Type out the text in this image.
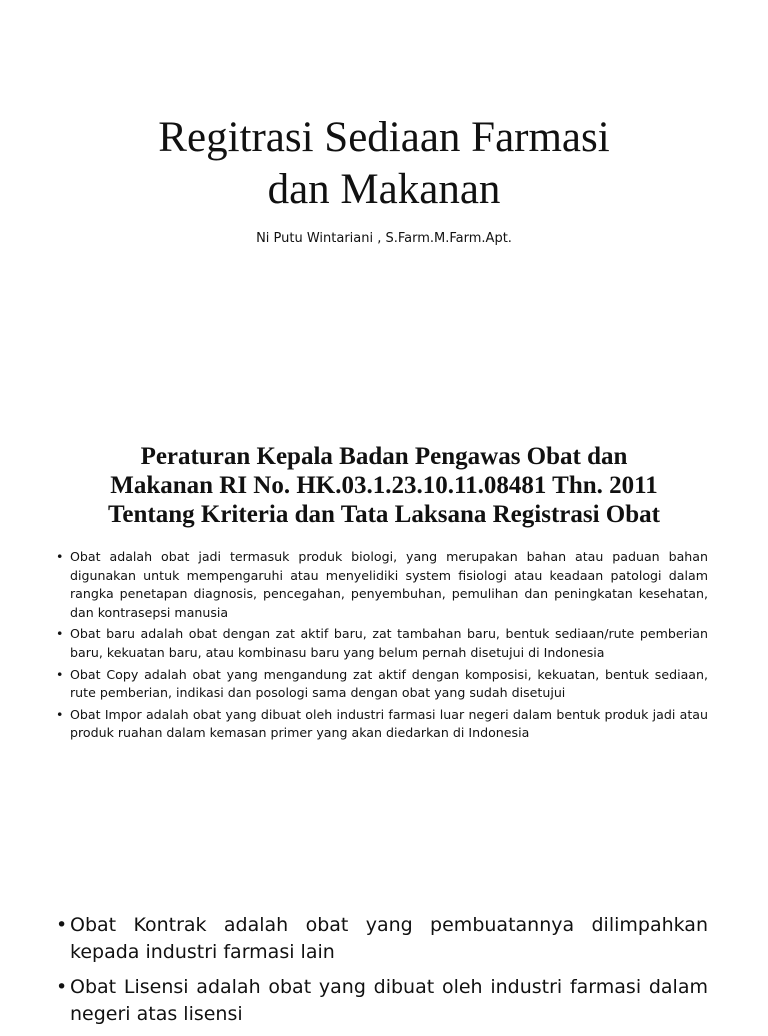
Regitrasi Sediaan Farmasi
dan Makanan

Ni Putu Wintariani , S.Farm.M.Farm.Apt.

Peraturan Kepala Badan Pengawas Obat dan
Makanan RI No. HK.03.1.23.10.11.08481 Thn. 2011
Tentang Kriteria dan Tata Laksana Registrasi Obat
• Obat adalah obat jadi termasuk produk biologi, yang merupakan bahan atau paduan bahan digunakan untuk mempengaruhi atau menyelidiki system fisiologi atau keadaan patologi dalam rangka penetapan diagnosis, pencegahan, penyembuhan, pemulihan dan peningkatan kesehatan, dan kontrasepsi manusia
• Obat baru adalah obat dengan zat aktif baru, zat tambahan baru, bentuk sediaan/rute pemberian baru, kekuatan baru, atau kombinasu baru yang belum pernah disetujui di Indonesia
• Obat Copy adalah obat yang mengandung zat aktif dengan komposisi, kekuatan, bentuk sediaan, rute pemberian, indikasi dan posologi sama dengan obat yang sudah disetujui
• Obat Impor adalah obat yang dibuat oleh industri farmasi luar negeri dalam bentuk produk jadi atau produk ruahan dalam kemasan primer yang akan diedarkan di Indonesia
• Obat Kontrak adalah obat yang pembuatannya dilimpahkan kepada industri farmasi lain
• Obat Lisensi adalah obat yang dibuat oleh industri farmasi dalam negeri atas lisensi
